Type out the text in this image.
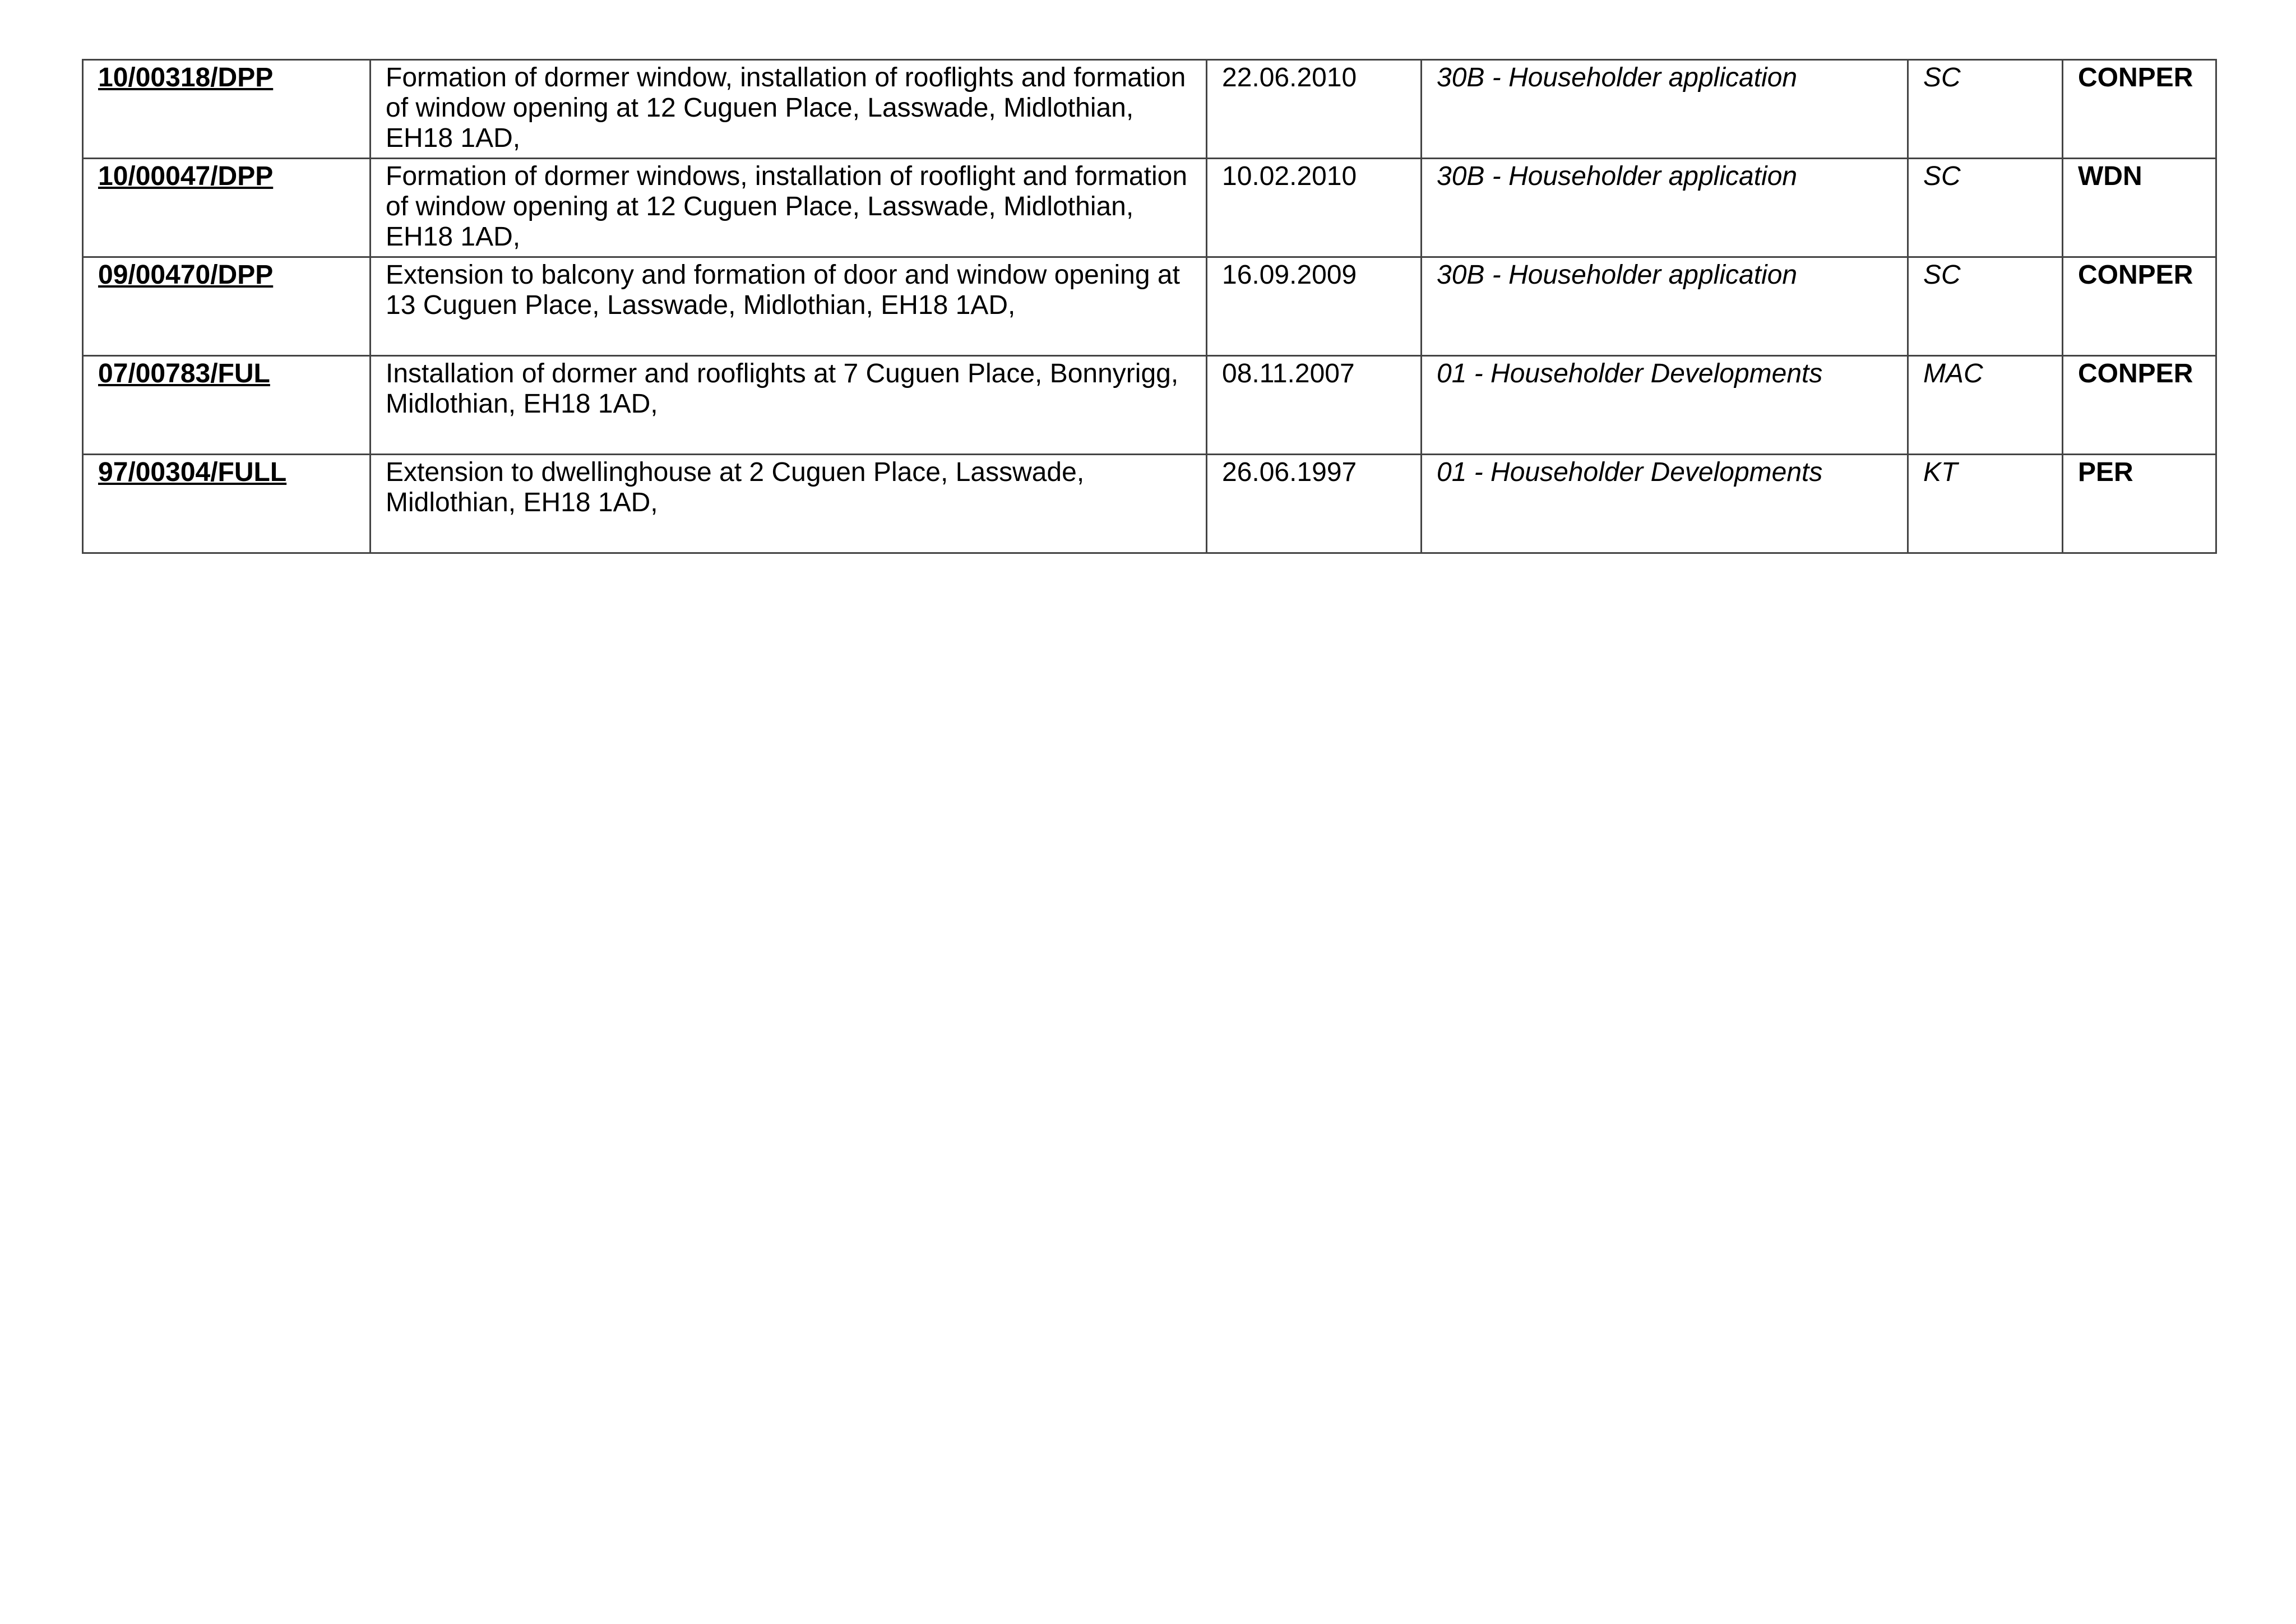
10/00318/DPP	Formation of dormer window, installation of rooflights and formation of window opening at 12 Cuguen Place, Lasswade, Midlothian, EH18 1AD,	22.06.2010	30B - Householder application	SC	CONPER
10/00047/DPP	Formation of dormer windows, installation of rooflight and formation of window opening at 12 Cuguen Place, Lasswade, Midlothian, EH18 1AD,	10.02.2010	30B - Householder application	SC	WDN
09/00470/DPP	Extension to balcony and formation of door and window opening at 13 Cuguen Place, Lasswade, Midlothian, EH18 1AD,	16.09.2009	30B - Householder application	SC	CONPER
07/00783/FUL	Installation of dormer and rooflights at 7 Cuguen Place, Bonnyrigg, Midlothian, EH18 1AD,	08.11.2007	01 - Householder Developments	MAC	CONPER
97/00304/FULL	Extension to dwellinghouse at 2 Cuguen Place, Lasswade, Midlothian, EH18 1AD,	26.06.1997	01 - Householder Developments	KT	PER
